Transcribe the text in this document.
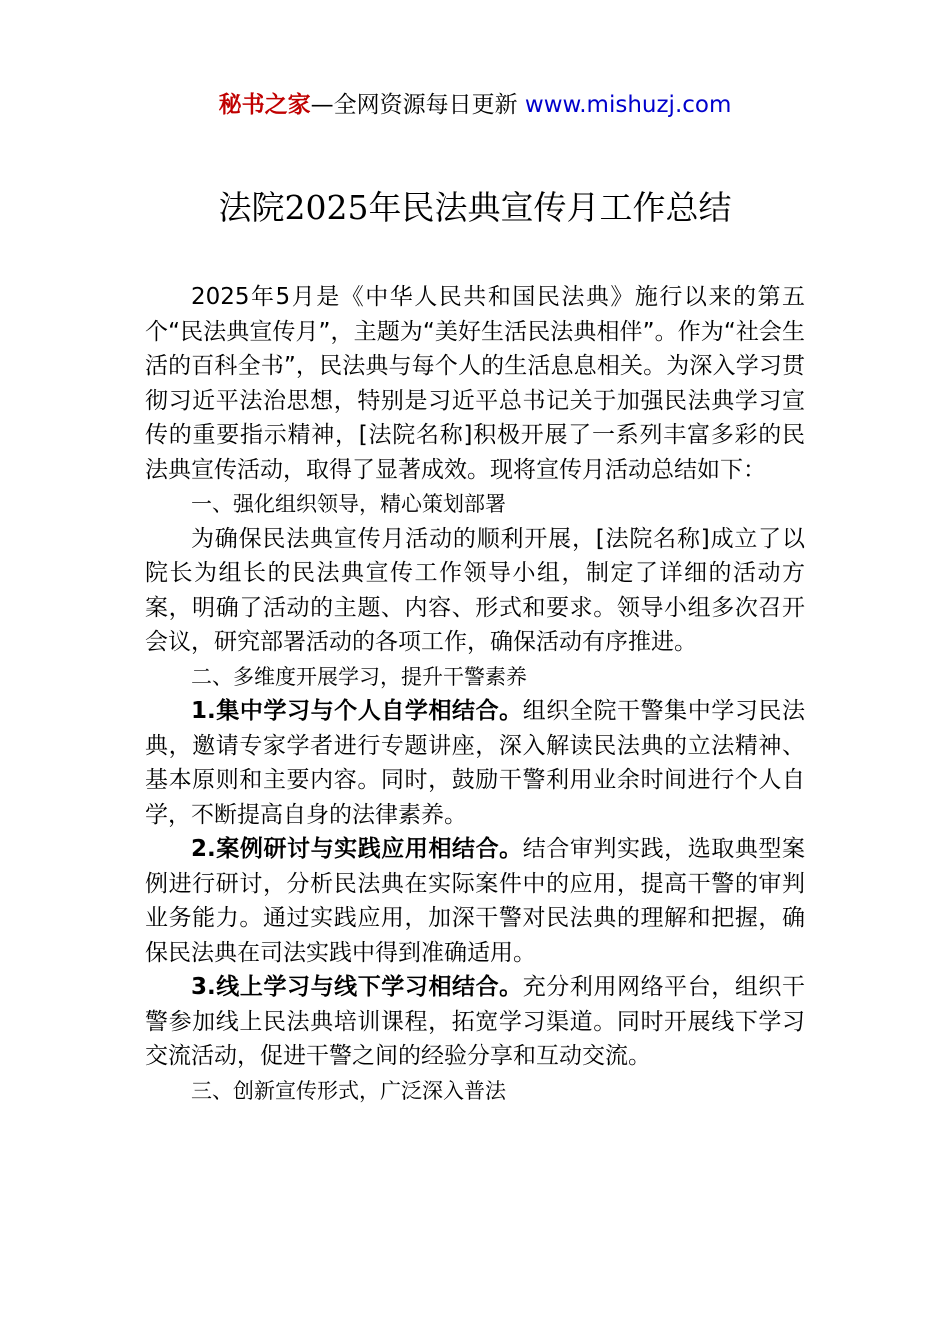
秘书之家—全网资源每日更新 www.mishuzj.com
法院2025年民法典宣传月工作总结

2025年5月是《中华人民共和国民法典》施行以来的第五个“民法典宣传月”，主题为“美好生活民法典相伴”。作为“社会生活的百科全书”，民法典与每个人的生活息息相关。为深入学习贯彻习近平法治思想，特别是习近平总书记关于加强民法典学习宣传的重要指示精神，[法院名称]积极开展了一系列丰富多彩的民法典宣传活动，取得了显著成效。现将宣传月活动总结如下：

一、强化组织领导，精心策划部署

为确保民法典宣传月活动的顺利开展，[法院名称]成立了以院长为组长的民法典宣传工作领导小组，制定了详细的活动方案，明确了活动的主题、内容、形式和要求。领导小组多次召开会议，研究部署活动的各项工作，确保活动有序推进。

二、多维度开展学习，提升干警素养

1.集中学习与个人自学相结合。组织全院干警集中学习民法典，邀请专家学者进行专题讲座，深入解读民法典的立法精神、基本原则和主要内容。同时，鼓励干警利用业余时间进行个人自学，不断提高自身的法律素养。

2.案例研讨与实践应用相结合。结合审判实践，选取典型案例进行研讨，分析民法典在实际案件中的应用，提高干警的审判业务能力。通过实践应用，加深干警对民法典的理解和把握，确保民法典在司法实践中得到准确适用。

3.线上学习与线下学习相结合。充分利用网络平台，组织干警参加线上民法典培训课程，拓宽学习渠道。同时开展线下学习交流活动，促进干警之间的经验分享和互动交流。

三、创新宣传形式，广泛深入普法
